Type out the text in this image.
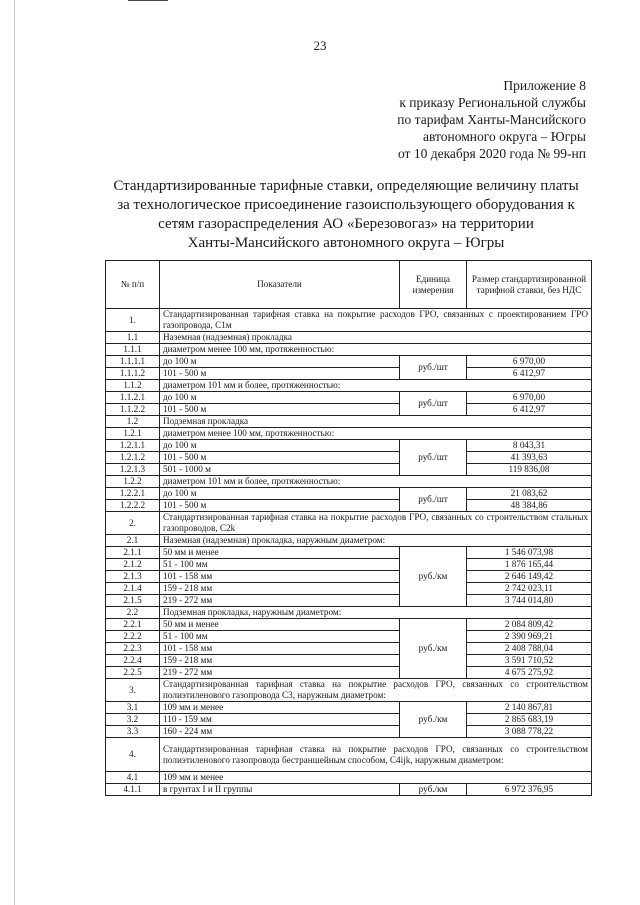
23
Приложение 8
к приказу Региональной службы
по тарифам Ханты-Мансийского
автономного округа – Югры
от 10 декабря 2020 года № 99-нп
Стандартизированные тарифные ставки, определяющие величину платы
за технологическое присоединение газоиспользующего оборудования к
сетям газораспределения АО «Березовогаз» на территории
Ханты-Мансийского автономного округа – Югры
№ п/п	Показатели	Единица измерения	Размер стандартизированной тарифной ставки, без НДС
1.	Стандартизированная тарифная ставка на покрытие расходов ГРО, связанных с проектированием ГРО газопровода, С1м		
1.1	Наземная (надземная) прокладка		
1.1.1	диаметром менее 100 мм, протяженностью:		
1.1.1.1	до 100 м	руб./шт	6 970,00
1.1.1.2	101 - 500 м		6 412,97
1.1.2	диаметром 101 мм и более, протяженностью:		
1.1.2.1	до 100 м	руб./шт	6 970,00
1.1.2.2	101 - 500 м		6 412,97
1.2	Подземная прокладка		
1.2.1	диаметром менее 100 мм, протяженностью:		
1.2.1.1	до 100 м	руб./шт	8 043,31
1.2.1.2	101 - 500 м		41 393,63
1.2.1.3	501 - 1000 м		119 836,08
1.2.2	диаметром 101 мм и более, протяженностью:		
1.2.2.1	до 100 м	руб./шт	21 083,62
1.2.2.2	101 - 500 м		48 384,86
2.	Стандартизированная тарифная ставка на покрытие расходов ГРО, связанных со строительством стальных газопроводов, С2k		
2.1	Наземная (надземная) прокладка, наружным диаметром:		
2.1.1	50 мм и менее	руб./км	1 546 073,98
2.1.2	51 - 100 мм		1 876 165,44
2.1.3	101 - 158 мм		2 646 149,42
2.1.4	159 - 218 мм		2 742 023,11
2.1.5	219 - 272 мм		3 744 014,80
2.2	Подземная прокладка, наружным диаметром:		
2.2.1	50 мм и менее	руб./км	2 084 809,42
2.2.2	51 - 100 мм		2 390 969,21
2.2.3	101 - 158 мм		2 408 788,04
2.2.4	159 - 218 мм		3 591 710,52
2.2.5	219 - 272 мм		4 675 275,92
3.	Стандартизированная тарифная ставка на покрытие расходов ГРО, связанных со строительством полиэтиленового газопровода С3, наружным диаметром:		
3.1	109 мм и менее	руб./км	2 140 867,81
3.2	110 - 159 мм		2 865 683,19
3.3	160 - 224 мм		3 088 778,22
4.	Стандартизированная тарифная ставка на покрытие расходов ГРО, связанных со строительством полиэтиленового газопровода бестраншейным способом, С4ijk, наружным диаметром:		
4.1	109 мм и менее		
4.1.1	в грунтах I и II группы	руб./км	6 972 376,95
